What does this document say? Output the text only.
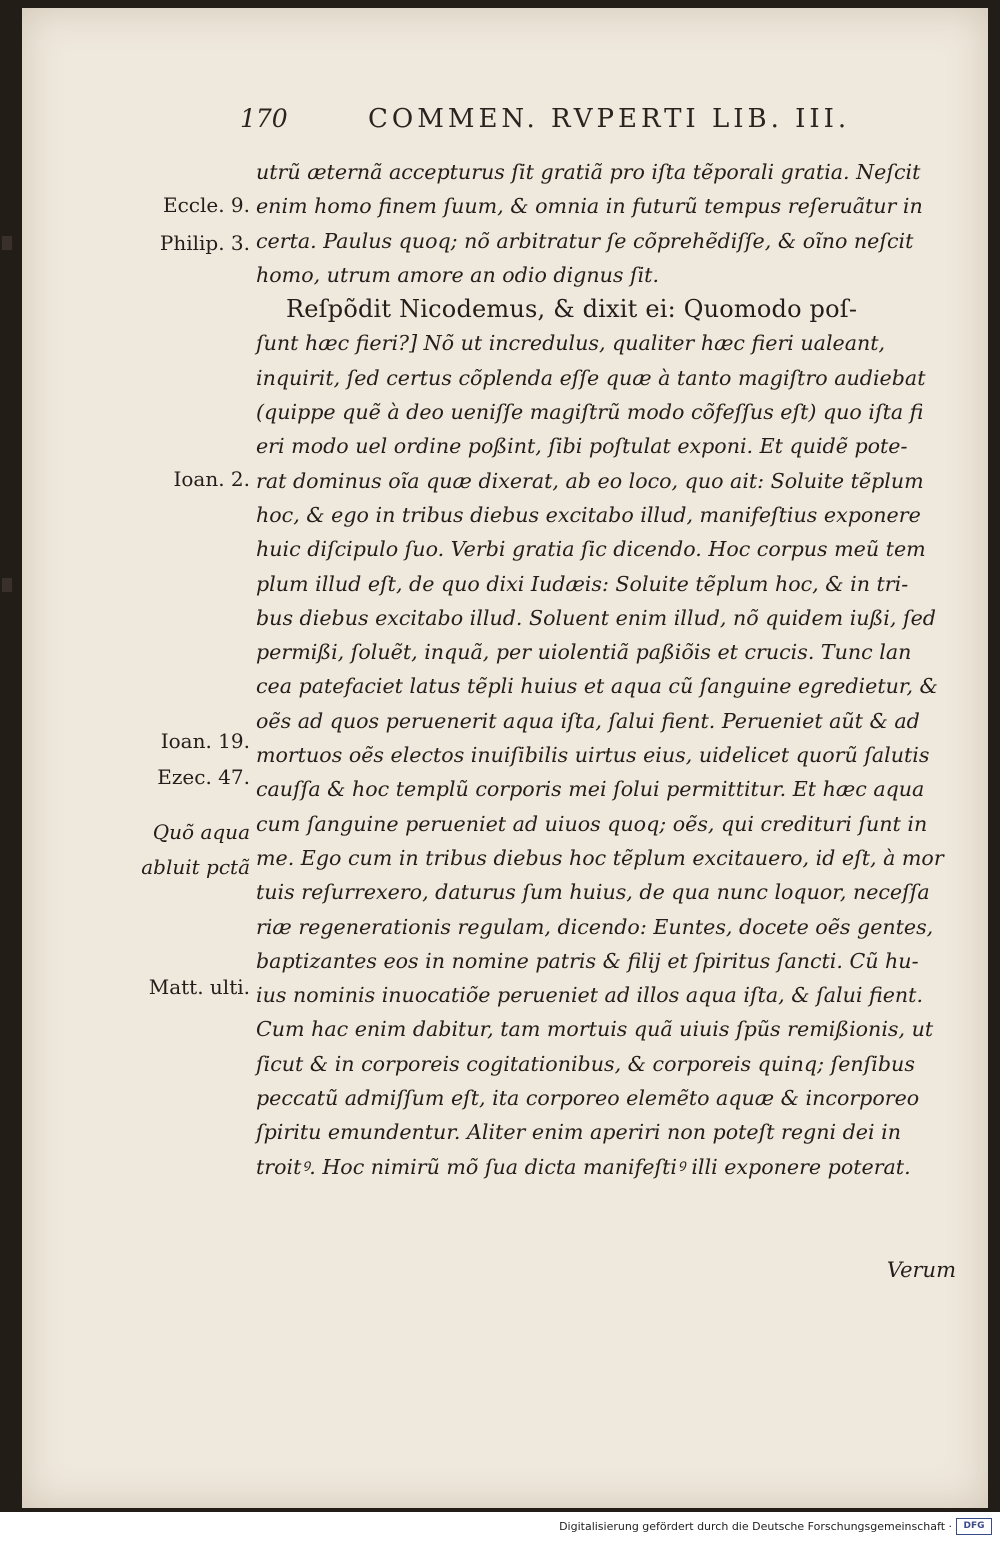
170	COMMEN. RVPERTI LIB. III.
Eccle. 9.
Philip. 3.
Ioan. 2.
Ioan. 19.
Ezec. 47.
Quõ aqua
abluit pctã
Matt. ulti.
utrũ æternã accepturus ſit gratiã pro iſta tẽporali gratia. Neſcit
enim homo finem ſuum, & omnia in futurũ tempus reſeruãtur in
certa. Paulus quoq; nõ arbitratur ſe cõprehẽdiſſe, & oĩno neſcit
homo, utrum amore an odio dignus ſit.
Reſpõdit Nicodemus, & dixit ei: Quomodo poſ-
ſunt hæc fieri?] Nõ ut incredulus, qualiter hæc fieri ualeant,
inquirit, ſed certus cõplenda eſſe quæ à tanto magiſtro audiebat
(quippe quẽ à deo ueniſſe magiſtrũ modo cõfeſſus eſt) quo iſta fi
eri modo uel ordine poßint, ſibi poſtulat exponi. Et quidẽ pote-
rat dominus oĩa quæ dixerat, ab eo loco, quo ait: Soluite tẽplum
hoc, & ego in tribus diebus excitabo illud, manifeſtius exponere
huic diſcipulo ſuo. Verbi gratia ſic dicendo. Hoc corpus meũ tem
plum illud eſt, de quo dixi Iudæis: Soluite tẽplum hoc, & in tri-
bus diebus excitabo illud. Soluent enim illud, nõ quidem iußi, ſed
permißi, ſoluẽt, inquã, per uiolentiã paßiõis et crucis. Tunc lan
cea patefaciet latus tẽpli huius et aqua cũ ſanguine egredietur, &
oẽs ad quos peruenerit aqua iſta, ſalui fient. Perueniet aũt & ad
mortuos oẽs electos inuiſibilis uirtus eius, uidelicet quorũ ſalutis
cauſſa & hoc templũ corporis mei ſolui permittitur. Et hæc aqua
cum ſanguine perueniet ad uiuos quoq; oẽs, qui credituri ſunt in
me. Ego cum in tribus diebus hoc tẽplum excitauero, id eſt, à mor
tuis reſurrexero, daturus ſum huius, de qua nunc loquor, neceſſa
riæ regenerationis regulam, dicendo: Euntes, docete oẽs gentes,
baptizantes eos in nomine patris & filij et ſpiritus ſancti. Cũ hu-
ius nominis inuocatiõe perueniet ad illos aqua iſta, & ſalui fient.
Cum hac enim dabitur, tam mortuis quã uiuis ſpũs remißionis, ut
ſicut & in corporeis cogitationibus, & corporeis quinq; ſenſibus
peccatũ admiſſum eſt, ita corporeo elemẽto aquæ & incorporeo
ſpiritu emundentur. Aliter enim aperiri non poteſt regni dei in
troitꝰ. Hoc nimirũ mõ ſua dicta manifeſtiꝰ illi exponere poterat.
Verum
Digitalisierung gefördert durch die Deutsche Forschungsgemeinschaft ·	DFG
